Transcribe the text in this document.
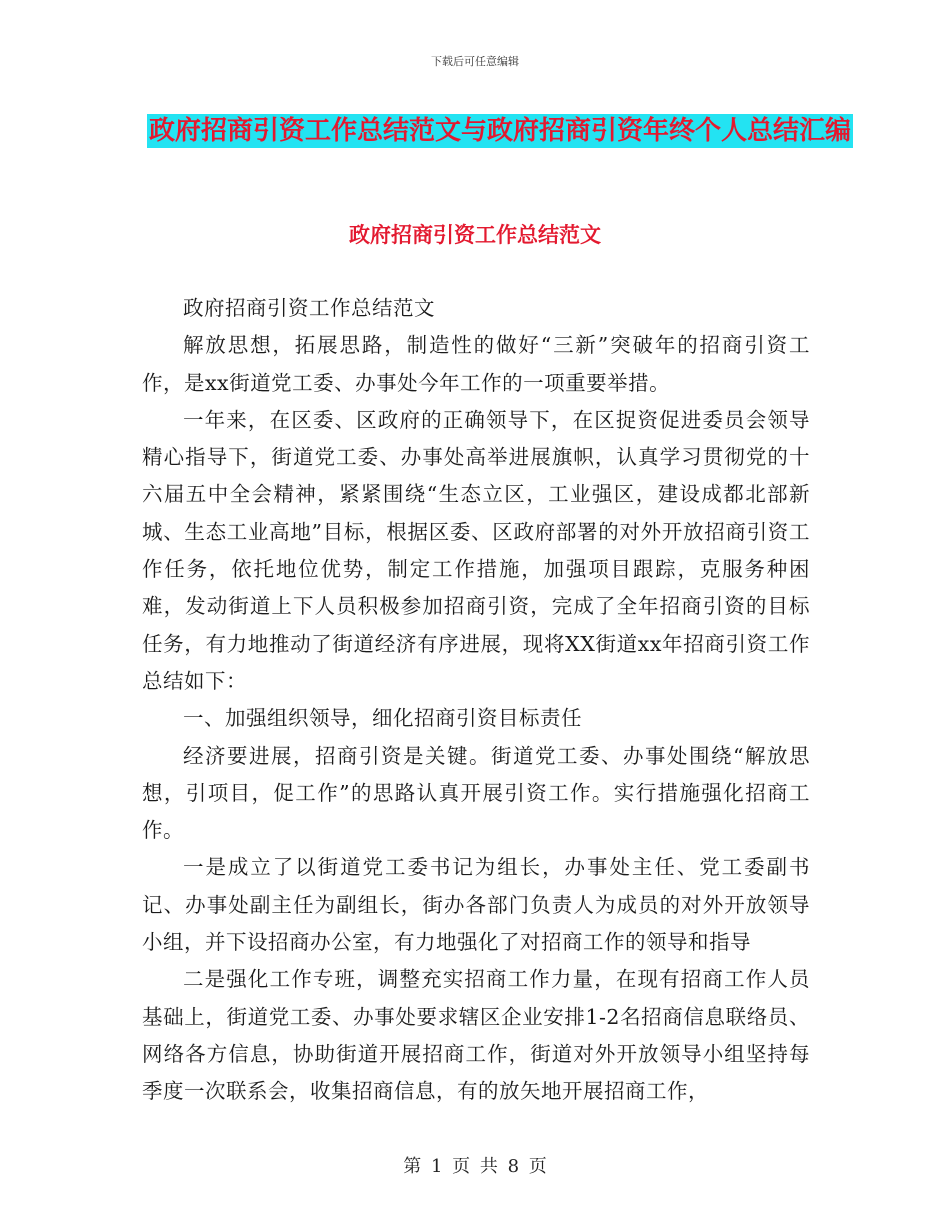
下载后可任意编辑
政府招商引资工作总结范文与政府招商引资年终个人总结汇编
政府招商引资工作总结范文

政府招商引资工作总结范文

解放思想，拓展思路，制造性的做好“三新”突破年的招商引资工作，是xx街道党工委、办事处今年工作的一项重要举措。

一年来，在区委、区政府的正确领导下，在区捉资促进委员会领导精心指导下，街道党工委、办事处高举进展旗帜，认真学习贯彻党的十六届五中全会精神，紧紧围绕“生态立区，工业强区，建设成都北部新城、生态工业高地”目标，根据区委、区政府部署的对外开放招商引资工作任务，依托地位优势，制定工作措施，加强项目跟踪，克服务种困难，发动街道上下人员积极参加招商引资，完成了全年招商引资的目标任务，有力地推动了街道经济有序进展，现将XX街道xx年招商引资工作总结如下：

一、加强组织领导，细化招商引资目标责任

经济要进展，招商引资是关键。街道党工委、办事处围绕“解放思想，引项目，促工作”的思路认真开展引资工作。实行措施强化招商工作。

一是成立了以街道党工委书记为组长，办事处主任、党工委副书记、办事处副主任为副组长，街办各部门负责人为成员的对外开放领导小组，并下设招商办公室，有力地强化了对招商工作的领导和指导

二是强化工作专班，调整充实招商工作力量，在现有招商工作人员基础上，街道党工委、办事处要求辖区企业安排1-2名招商信息联络员、网络各方信息，协助街道开展招商工作，街道对外开放领导小组坚持每季度一次联系会，收集招商信息，有的放矢地开展招商工作，

第 1 页 共 8 页
